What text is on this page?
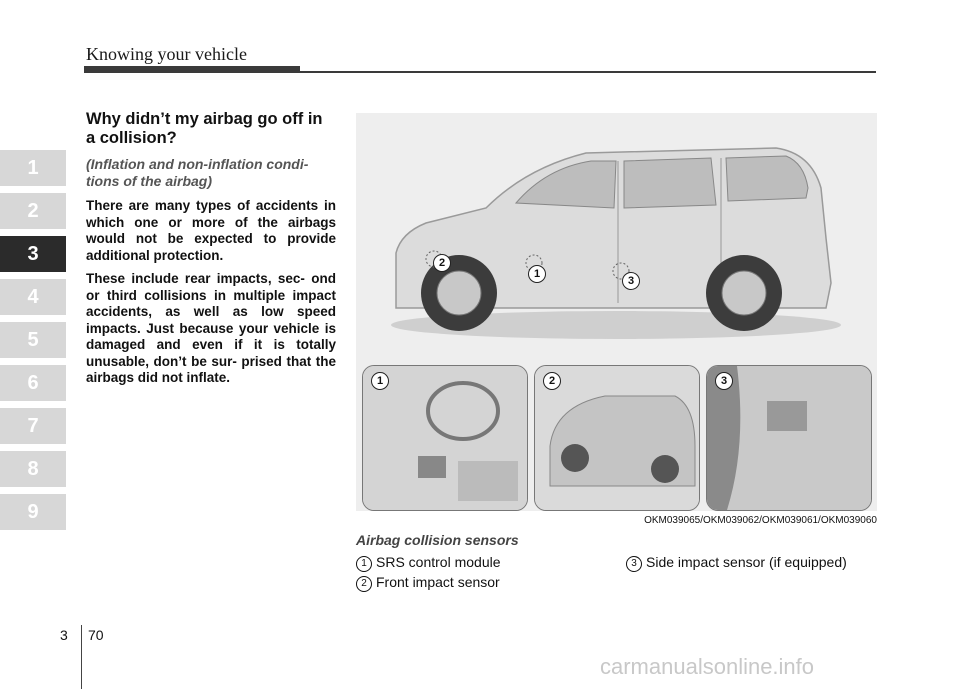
Knowing your vehicle
1
2
3
4
5
6
7
8
9

Why didn’t my airbag go off in a collision?

(Inflation and non-inflation condi- tions of the airbag)

There are many types of accidents in which one or more of the airbags would not be expected to provide additional protection.

These include rear impacts, sec- ond or third collisions in multiple impact accidents, as well as low speed impacts. Just because your vehicle is damaged and even if it is totally unusable, don’t be sur- prised that the airbags did not inflate.

2
1
3
1	2	3
OKM039065/OKM039062/OKM039061/OKM039060
Airbag collision sensors
1 SRS control module
2 Front impact sensor
3 Side impact sensor (if equipped)
3 70
carmanualsonline.info
